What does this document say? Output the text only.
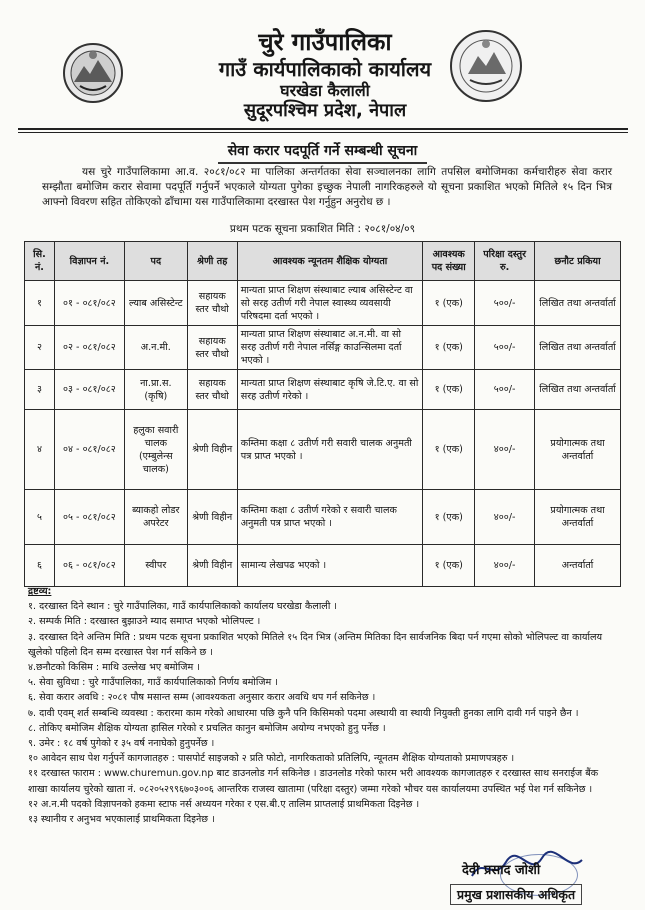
चुरे गाउँपालिका
गाउँ कार्यपालिकाको कार्यालय
घरखेडा कैलाली
सुदूरपश्चिम प्रदेश, नेपाल
सेवा करार पदपूर्ति गर्ने सम्बन्धी सूचना
यस चुरे गाउँपालिकामा आ.व. २०८१/०८२ मा पालिका अन्तर्गतका सेवा सञ्चालनका लागि तपसिल बमोजिमका कर्मचारीहरु सेवा करार सम्झौता बमोजिम करार सेवामा पदपूर्ति गर्नुपर्ने भएकाले योग्यता पुगेका इच्छुक नेपाली नागरिकहरुले यो सूचना प्रकाशित भएको मितिले १५ दिन भित्र आफ्नो विवरण सहित तोकिएको ढाँचामा यस गाउँपालिकामा दरखास्त पेश गर्नुहुन अनुरोध छ ।
प्रथम पटक सूचना प्रकाशित मिति : २०८१/०४/०९
सि. नं.	विज्ञापन नं.	पद	श्रेणी तह	आवश्यक न्यूनतम शैक्षिक योग्यता	आवश्यक पद संख्या	परिक्षा दस्तुर रु.	छनौट प्रकिया
१	०१ - ०८१/०८२	ल्याब असिस्टेन्ट	सहायक स्तर चौथो	मान्यता प्राप्त शिक्षण संस्थाबाट ल्याब असिस्टेन्ट वा सो सरह उतीर्ण गरी नेपाल स्वास्थ्य व्यवसायी परिषदमा दर्ता भएको ।	१ (एक)	५००/-	लिखित तथा अन्तर्वार्ता
२	०२ - ०८१/०८२	अ.न.मी.	सहायक स्तर चौथो	मान्यता प्राप्त शिक्षण संस्थाबाट अ.न.मी. वा सो सरह उतीर्ण गरी नेपाल नर्सिङ्ग काउन्सिलमा दर्ता भएको ।	१ (एक)	५००/-	लिखित तथा अन्तर्वार्ता
३	०३ - ०८१/०८२	ना.प्रा.स. (कृषि)	सहायक स्तर चौथो	मान्यता प्राप्त शिक्षण संस्थाबाट कृषि जे.टि.ए. वा सो सरह उतीर्ण गरेको ।	१ (एक)	५००/-	लिखित तथा अन्तर्वार्ता
४	०४ - ०८१/०८२	हलुका सवारी चालक (एम्बुलेन्स चालक)	श्रेणी विहीन	कम्तिमा कक्षा ८ उतीर्ण गरी सवारी चालक अनुमती पत्र प्राप्त भएको ।	१ (एक)	४००/-	प्रयोगात्मक तथा अन्तर्वार्ता
५	०५ - ०८१/०८२	ब्याकहो लोडर अपरेटर	श्रेणी विहीन	कम्तिमा कक्षा ८ उतीर्ण गरेको र सवारी चालक अनुमती पत्र प्राप्त भएको ।	१ (एक)	४००/-	प्रयोगात्मक तथा अन्तर्वार्ता
६	०६ - ०८१/०८२	स्वीपर	श्रेणी विहीन	सामान्य लेखपढ भएको ।	१ (एक)	४००/-	अन्तर्वार्ता
द्रष्टव्य:

१. दरखास्त दिने स्थान : चुरे गाउँपालिका, गाउँ कार्यपालिकाको कार्यालय घरखेडा कैलाली ।

२. सम्पर्क मिति : दरखास्त बुझाउने म्याद समाप्त भएको भोलिपल्ट ।

३. दरखास्त दिने अन्तिम मिति : प्रथम पटक सूचना प्रकाशित भएको मितिले १५ दिन भित्र (अन्तिम मितिका दिन सार्वजनिक बिदा पर्न गएमा सोको भोलिपल्ट वा कार्यालय खुलेको पहिलो दिन सम्म दरखास्त पेश गर्न सकिने छ ।

४.छनौटको किसिम : माथि उल्लेख भए बमोजिम ।

५. सेवा सुविधा : चुरे गाउँपालिका, गाउँ कार्यपालिकाको निर्णय बमोजिम ।

६. सेवा करार अवधि : २०८१ पौष मसान्त सम्म (आवश्यकता अनुसार करार अवधि थप गर्न सकिनेछ ।

७. दावी एवम् शर्त सम्बन्धि व्यवस्था : करारमा काम गरेको आधारमा पछि कुनै पनि किसिमको पदमा अस्थायी वा स्थायी नियुक्ती हुनका लागि दावी गर्न पाइने छैन ।

८. तोकिए बमोजिम शैक्षिक योग्यता हासिल गरेको र प्रचलित कानुन बमोजिम अयोग्य नभएको हुनु पर्नेछ ।

९. उमेर : १८ वर्ष पुगेको र ३५ वर्ष ननाघेको हुनुपर्नेछ ।

१० आवेदन साथ पेश गर्नुपर्ने कागजातहरु : पासपोर्ट साइजको २ प्रति फोटो, नागरिकताको प्रतिलिपि, न्यूनतम शैक्षिक योग्यताको प्रमाणपत्रहरु ।

११ दरखास्त फाराम : www.churemun.gov.np बाट डाउनलोड गर्न सकिनेछ । डाउनलोड गरेको फारम भरी आवश्यक कागजातहरु र दरखास्त साथ सनराईज बैंक शाखा कार्यालय चुरेको खाता नं. ०८२०५२९९६७०३००६ आन्तरिक राजस्व खातामा (परिक्षा दस्तुर) जम्मा गरेको भौचर यस कार्यालयमा उपस्थित भई पेश गर्न सकिनेछ ।

१२ अ.न.मी पदको विज्ञापनको हकमा स्टाफ नर्स अध्ययन गरेका र एस.बी.ए तालिम प्राप्तलाई प्राथमिकता दिइनेछ ।

१३ स्थानीय र अनुभव भएकालाई प्राथमिकता दिइनेछ ।

देवी प्रसाद जोशी
प्रमुख प्रशासकीय अधिकृत
